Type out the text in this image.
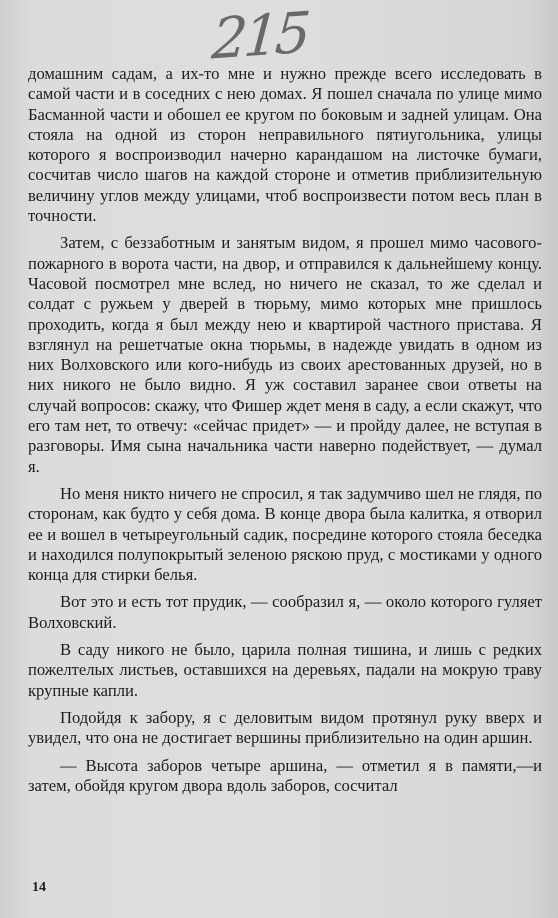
215

домашним садам, а их-то мне и нужно прежде всего исследовать в самой части и в соседних с нею домах. Я пошел сначала по улице мимо Басманной части и обошел ее кругом по боковым и задней улицам. Она стояла на одной из сторон неправильного пятиугольника, улицы которого я воспроизводил начерно карандашом на листочке бумаги, сосчитав число шагов на каждой стороне и отметив приблизительную величину углов между улицами, чтоб воспроизвести потом весь план в точности.

Затем, с беззаботным и занятым видом, я прошел мимо часового-пожарного в ворота части, на двор, и отправился к дальнейшему концу. Часовой посмотрел мне вслед, но ничего не сказал, то же сделал и солдат с ружьем у дверей в тюрьму, мимо которых мне пришлось проходить, когда я был между нею и квартирой частного пристава. Я взглянул на решетчатые окна тюрьмы, в надежде увидать в одном из них Волховского или кого-нибудь из своих арестованных друзей, но в них никого не было видно. Я уж составил заранее свои ответы на случай вопросов: скажу, что Фишер ждет меня в саду, а если скажут, что его там нет, то отвечу: «сейчас придет» — и пройду далее, не вступая в разговоры. Имя сына начальника части наверно подействует, — думал я.

Но меня никто ничего не спросил, я так задумчиво шел не глядя, по сторонам, как будто у себя дома. В конце двора была калитка, я отворил ее и вошел в четыреугольный садик, посредине которого стояла беседка и находился полупокрытый зеленою ряскою пруд, с мостиками у одного конца для стирки белья.

Вот это и есть тот прудик, — сообразил я, — около которого гуляет Волховский.

В саду никого не было, царила полная тишина, и лишь с редких пожелтелых листьев, оставшихся на деревьях, падали на мокрую траву крупные капли.

Подойдя к забору, я с деловитым видом протянул руку вверх и увидел, что она не достигает вершины приблизительно на один аршин.

— Высота заборов четыре аршина, — отметил я в памяти,—и затем, обойдя кругом двора вдоль заборов, сосчитал

14
